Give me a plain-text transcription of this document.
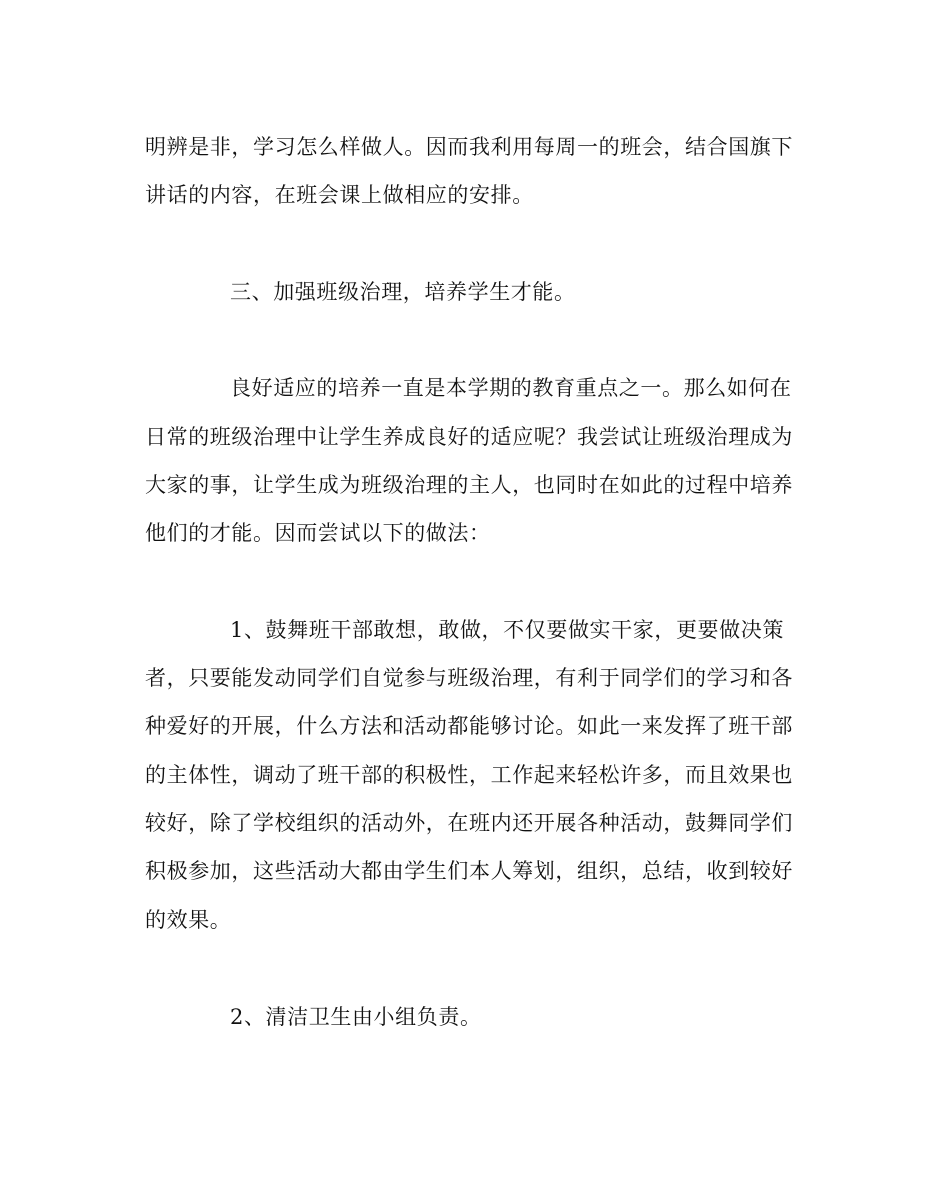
明辨是非，学习怎么样做人。因而我利用每周一的班会，结合国旗下

讲话的内容，在班会课上做相应的安排。

三、加强班级治理，培养学生才能。

良好适应的培养一直是本学期的教育重点之一。那么如何在

日常的班级治理中让学生养成良好的适应呢？我尝试让班级治理成为

大家的事，让学生成为班级治理的主人，也同时在如此的过程中培养

他们的才能。因而尝试以下的做法：

1、鼓舞班干部敢想，敢做，不仅要做实干家，更要做决策

者，只要能发动同学们自觉参与班级治理，有利于同学们的学习和各

种爱好的开展，什么方法和活动都能够讨论。如此一来发挥了班干部

的主体性，调动了班干部的积极性，工作起来轻松许多，而且效果也

较好，除了学校组织的活动外，在班内还开展各种活动，鼓舞同学们

积极参加，这些活动大都由学生们本人筹划，组织，总结，收到较好

的效果。

2、清洁卫生由小组负责。
